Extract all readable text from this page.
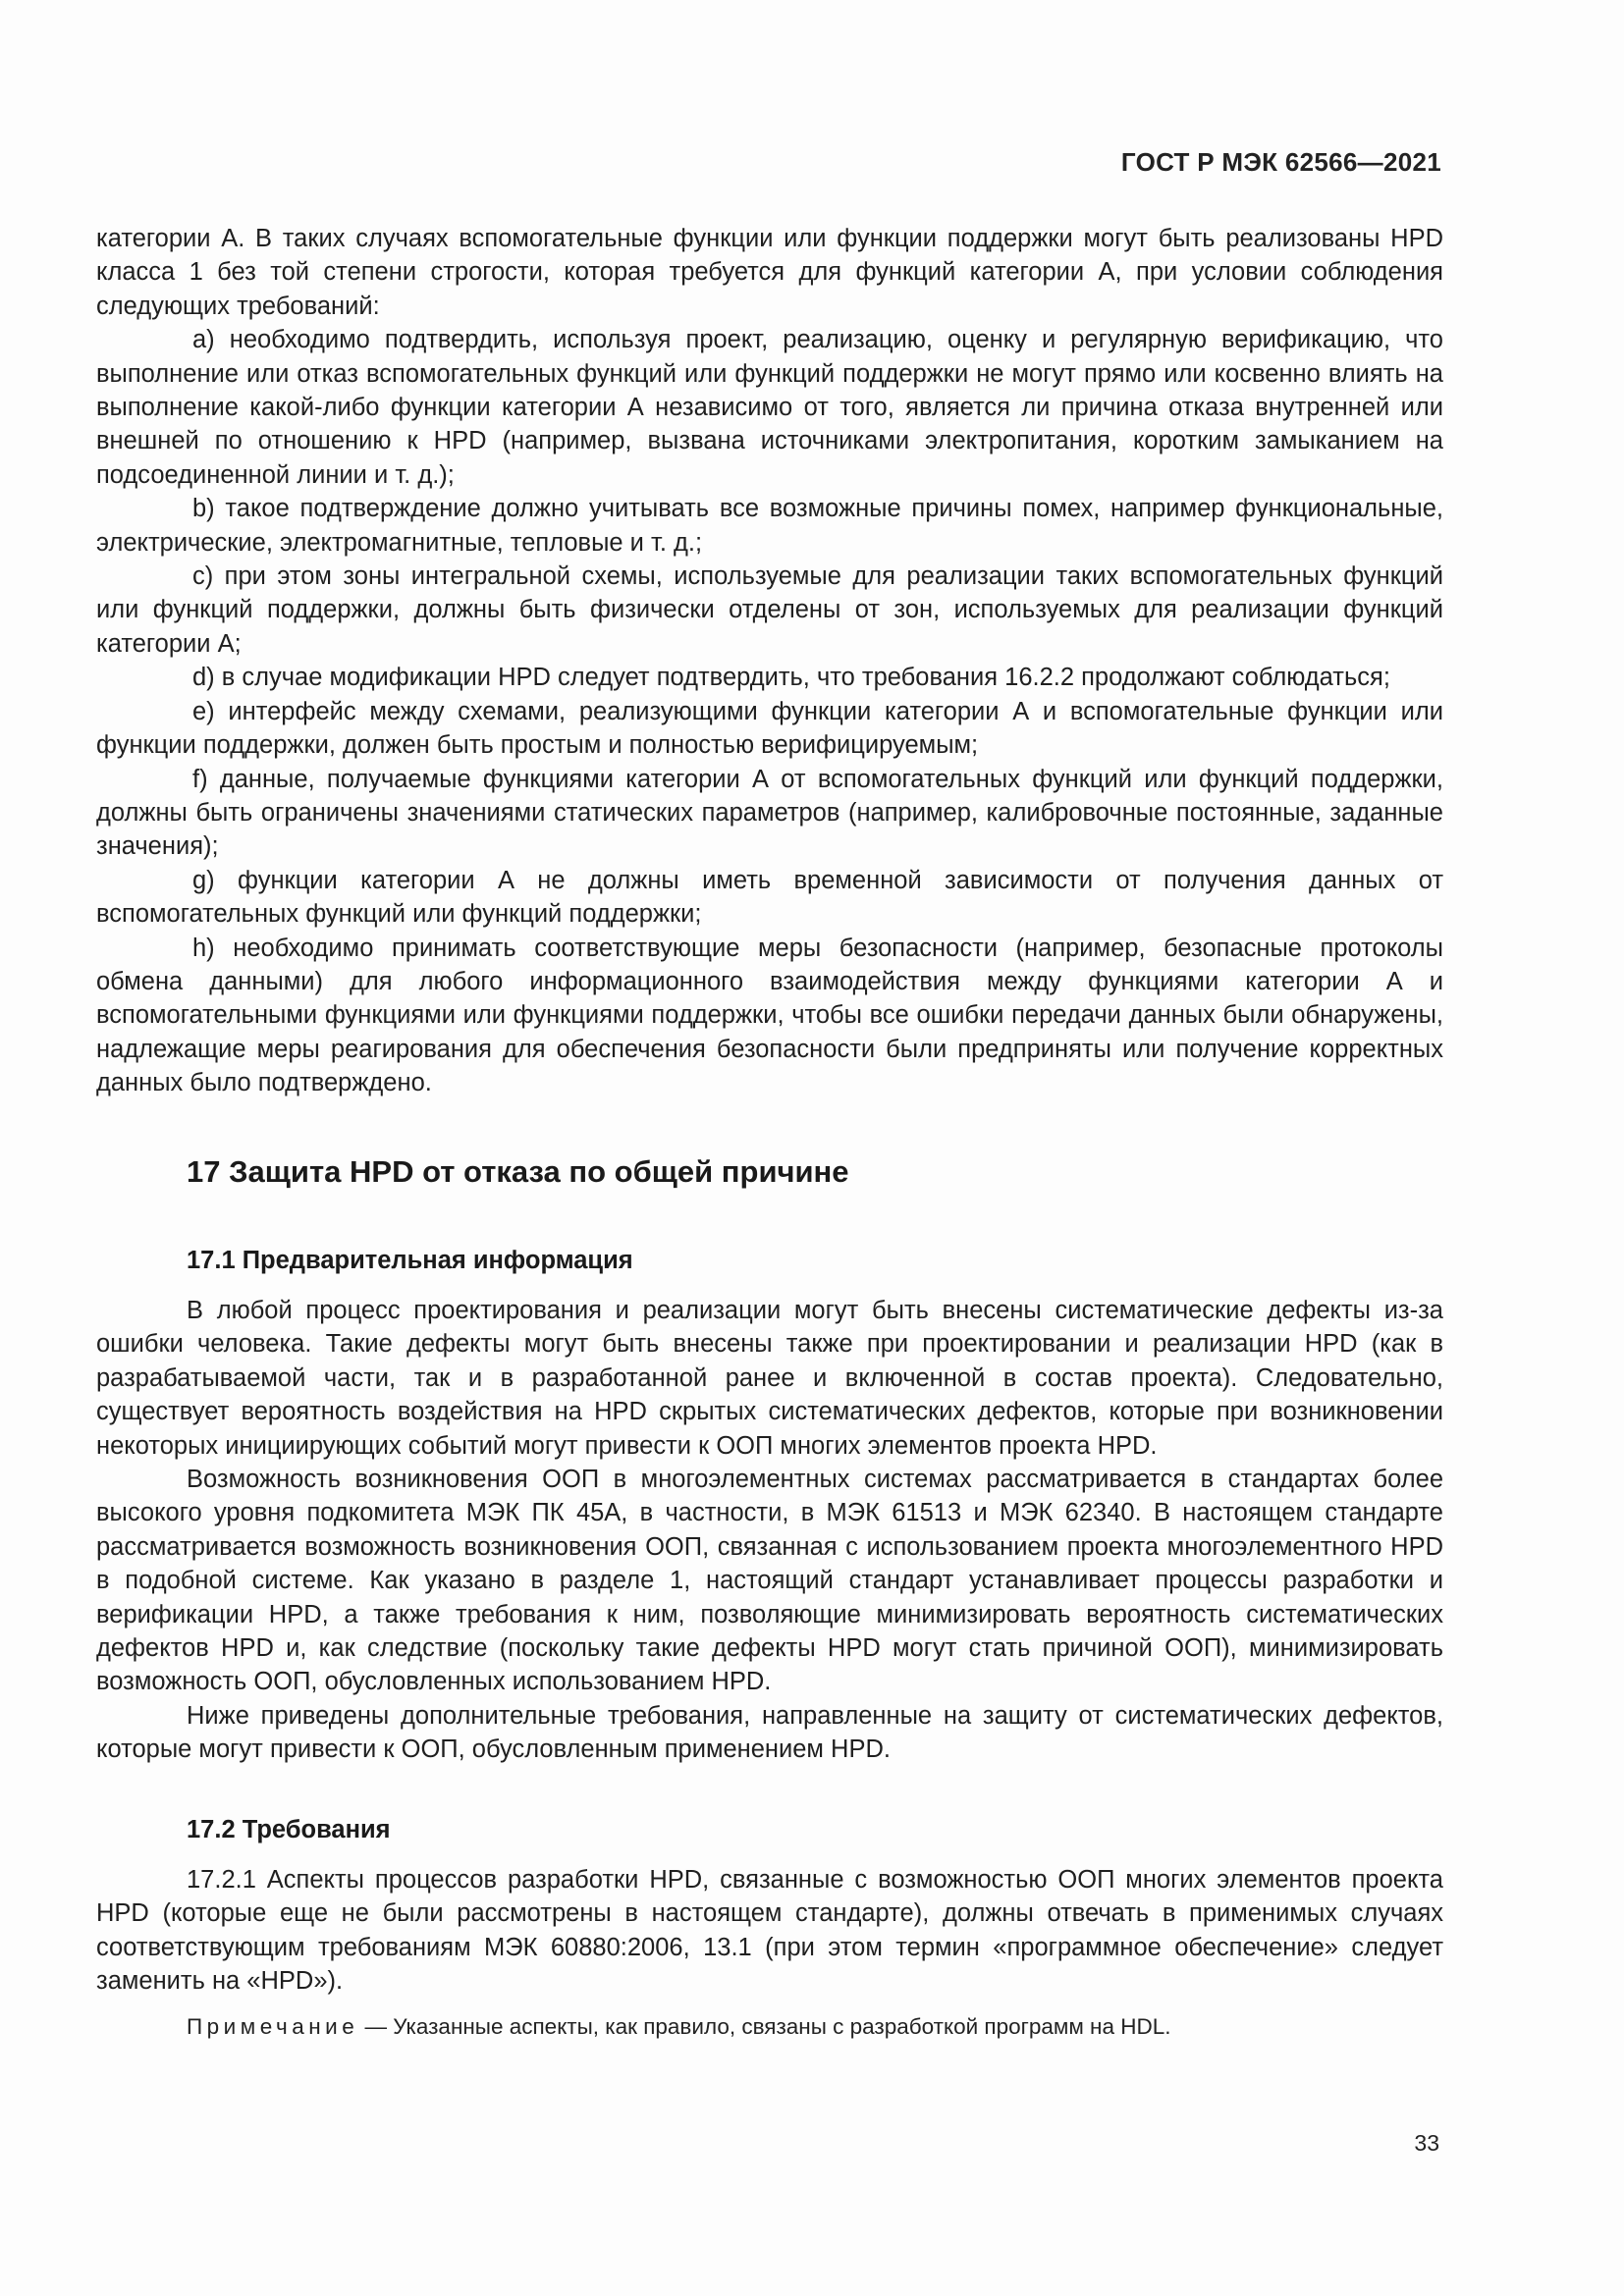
ГОСТ Р МЭК 62566—2021

категории А. В таких случаях вспомогательные функции или функции поддержки могут быть реализованы HPD класса 1 без той степени строгости, которая требуется для функций категории А, при условии соблюдения следующих требований:

а) необходимо подтвердить, используя проект, реализацию, оценку и регулярную верификацию, что выполнение или отказ вспомогательных функций или функций поддержки не могут прямо или косвенно влиять на выполнение какой-либо функции категории А независимо от того, является ли причина отказа внутренней или внешней по отношению к HPD (например, вызвана источниками электропитания, коротким замыканием на подсоединенной линии и т. д.);

b) такое подтверждение должно учитывать все возможные причины помех, например функциональные, электрические, электромагнитные, тепловые и т. д.;

c) при этом зоны интегральной схемы, используемые для реализации таких вспомогательных функций или функций поддержки, должны быть физически отделены от зон, используемых для реализации функций категории А;

d) в случае модификации HPD следует подтвердить, что требования 16.2.2 продолжают соблюдаться;

e) интерфейс между схемами, реализующими функции категории А и вспомогательные функции или функции поддержки, должен быть простым и полностью верифицируемым;

f) данные, получаемые функциями категории А от вспомогательных функций или функций поддержки, должны быть ограничены значениями статических параметров (например, калибровочные постоянные, заданные значения);

g) функции категории А не должны иметь временной зависимости от получения данных от вспомогательных функций или функций поддержки;

h) необходимо принимать соответствующие меры безопасности (например, безопасные протоколы обмена данными) для любого информационного взаимодействия между функциями категории А и вспомогательными функциями или функциями поддержки, чтобы все ошибки передачи данных были обнаружены, надлежащие меры реагирования для обеспечения безопасности были предприняты или получение корректных данных было подтверждено.

17 Защита HPD от отказа по общей причине
17.1 Предварительная информация

В любой процесс проектирования и реализации могут быть внесены систематические дефекты из-за ошибки человека. Такие дефекты могут быть внесены также при проектировании и реализации HPD (как в разрабатываемой части, так и в разработанной ранее и включенной в состав проекта). Следовательно, существует вероятность воздействия на HPD скрытых систематических дефектов, которые при возникновении некоторых инициирующих событий могут привести к ООП многих элементов проекта HPD.

Возможность возникновения ООП в многоэлементных системах рассматривается в стандартах более высокого уровня подкомитета МЭК ПК 45А, в частности, в МЭК 61513 и МЭК 62340. В настоящем стандарте рассматривается возможность возникновения ООП, связанная с использованием проекта многоэлементного HPD в подобной системе. Как указано в разделе 1, настоящий стандарт устанавливает процессы разработки и верификации HPD, а также требования к ним, позволяющие минимизировать вероятность систематических дефектов HPD и, как следствие (поскольку такие дефекты HPD могут стать причиной ООП), минимизировать возможность ООП, обусловленных использованием HPD.

Ниже приведены дополнительные требования, направленные на защиту от систематических дефектов, которые могут привести к ООП, обусловленным применением HPD.

17.2 Требования

17.2.1 Аспекты процессов разработки HPD, связанные с возможностью ООП многих элементов проекта HPD (которые еще не были рассмотрены в настоящем стандарте), должны отвечать в применимых случаях соответствующим требованиям МЭК 60880:2006, 13.1 (при этом термин «программное обеспечение» следует заменить на «HPD»).

Примечание — Указанные аспекты, как правило, связаны с разработкой программ на HDL.
33
